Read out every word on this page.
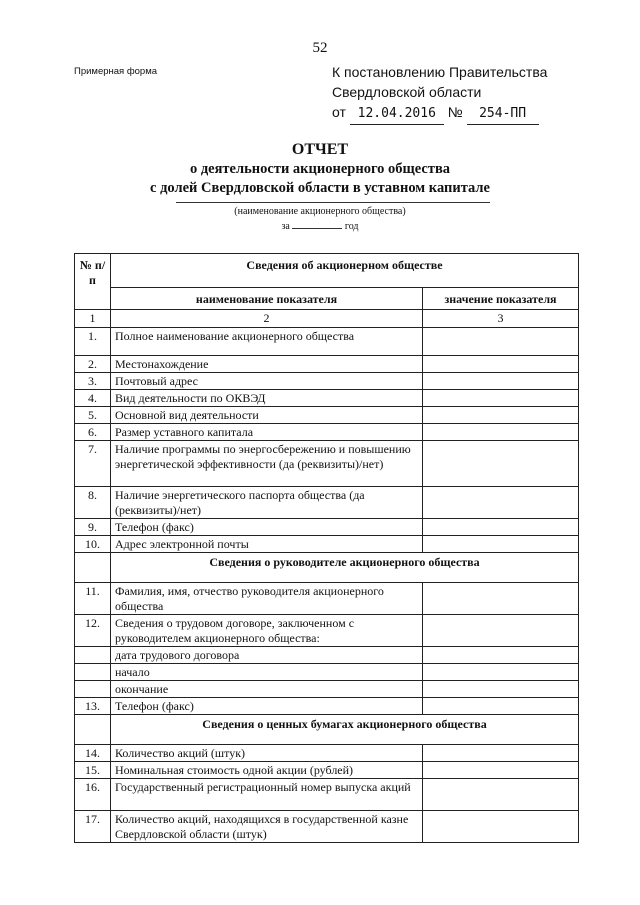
52
Примерная форма	К постановлению Правительства
Свердловской области
от 12.04.2016 № 254-ПП
ОТЧЕТ
о деятельности акционерного общества
с долей Свердловской области в уставном капитале
(наименование акционерного общества)
за	год
№ п/п	Сведения об акционерном обществе	
	наименование показателя	значение показателя
1	2	3
1.	Полное наименование акционерного общества	
2.	Местонахождение	
3.	Почтовый адрес	
4.	Вид деятельности по ОКВЭД	
5.	Основной вид деятельности	
6.	Размер уставного капитала	
7.	Наличие программы по энергосбережению и повышению энергетической эффективности (да (реквизиты)/нет)	
8.	Наличие энергетического паспорта общества (да (реквизиты)/нет)	
9.	Телефон (факс)	
10.	Адрес электронной почты	
	Сведения о руководителе акционерного общества	
11.	Фамилия, имя, отчество руководителя акционерного общества	
12.	Сведения о трудовом договоре, заключенном с руководителем акционерного общества:	
	дата трудового договора	
	начало	
	окончание	
13.	Телефон (факс)	
	Сведения о ценных бумагах акционерного общества	
14.	Количество акций (штук)	
15.	Номинальная стоимость одной акции (рублей)	
16.	Государственный регистрационный номер выпуска акций	
17.	Количество акций, находящихся в государственной казне Свердловской области (штук)	
